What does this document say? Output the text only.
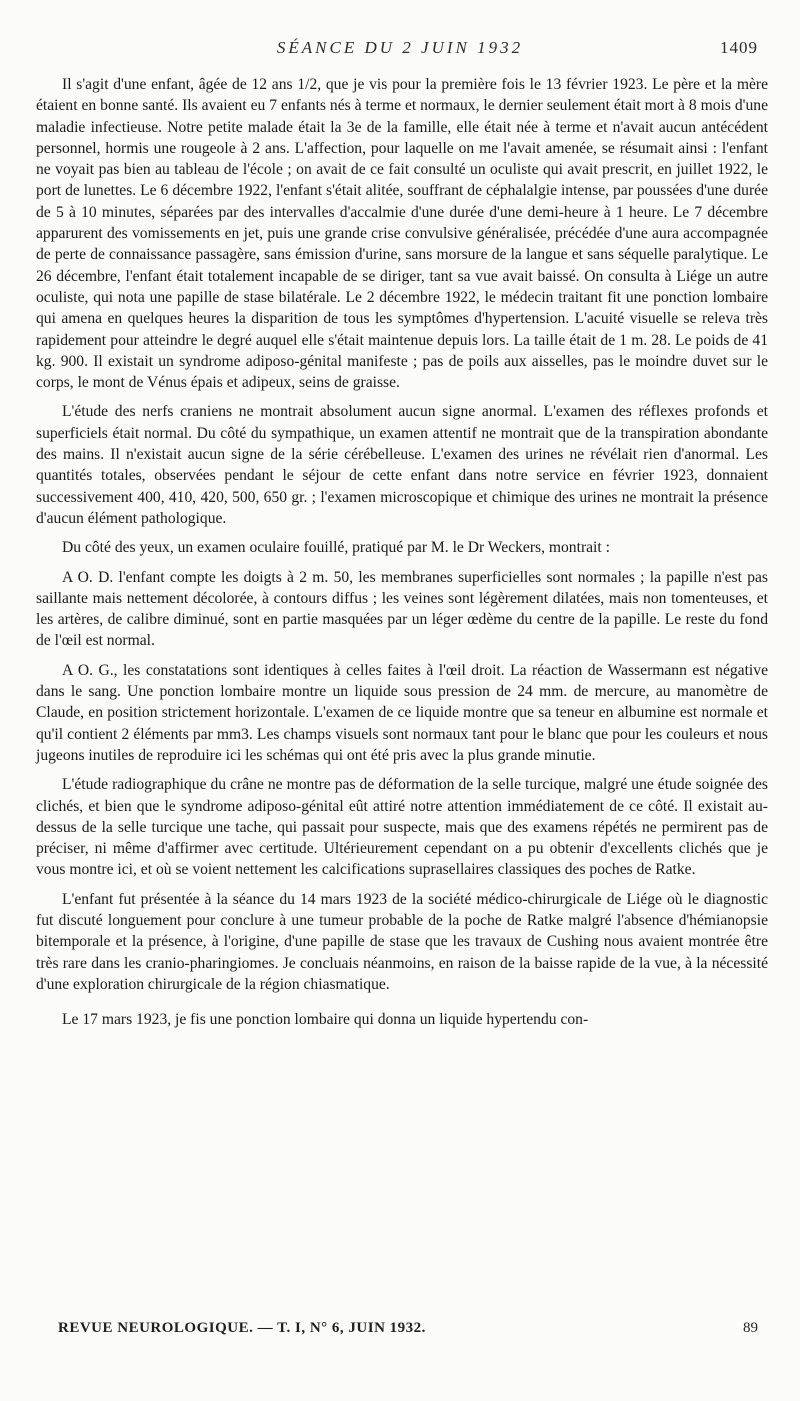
SÉANCE DU 2 JUIN 1932	1409

Il s'agit d'une enfant, âgée de 12 ans 1/2, que je vis pour la première fois le 13 février 1923. Le père et la mère étaient en bonne santé. Ils avaient eu 7 enfants nés à terme et normaux, le dernier seulement était mort à 8 mois d'une maladie infectieuse. Notre petite malade était la 3e de la famille, elle était née à terme et n'avait aucun antécédent personnel, hormis une rougeole à 2 ans. L'affection, pour laquelle on me l'avait amenée, se résumait ainsi : l'enfant ne voyait pas bien au tableau de l'école ; on avait de ce fait consulté un oculiste qui avait prescrit, en juillet 1922, le port de lunettes. Le 6 décembre 1922, l'enfant s'était alitée, souffrant de céphalalgie intense, par poussées d'une durée de 5 à 10 minutes, séparées par des intervalles d'accalmie d'une durée d'une demi-heure à 1 heure. Le 7 décembre apparurent des vomissements en jet, puis une grande crise convulsive généralisée, précédée d'une aura accompagnée de perte de connaissance passagère, sans émission d'urine, sans morsure de la langue et sans séquelle paralytique. Le 26 décembre, l'enfant était totalement incapable de se diriger, tant sa vue avait baissé. On consulta à Liége un autre oculiste, qui nota une papille de stase bilatérale. Le 2 décembre 1922, le médecin traitant fit une ponction lombaire qui amena en quelques heures la disparition de tous les symptômes d'hypertension. L'acuité visuelle se releva très rapidement pour atteindre le degré auquel elle s'était maintenue depuis lors. La taille était de 1 m. 28. Le poids de 41 kg. 900. Il existait un syndrome adiposo-génital manifeste ; pas de poils aux aisselles, pas le moindre duvet sur le corps, le mont de Vénus épais et adipeux, seins de graisse.

L'étude des nerfs craniens ne montrait absolument aucun signe anormal. L'examen des réflexes profonds et superficiels était normal. Du côté du sympathique, un examen attentif ne montrait que de la transpiration abondante des mains. Il n'existait aucun signe de la série cérébelleuse. L'examen des urines ne révélait rien d'anormal. Les quantités totales, observées pendant le séjour de cette enfant dans notre service en février 1923, donnaient successivement 400, 410, 420, 500, 650 gr. ; l'examen microscopique et chimique des urines ne montrait la présence d'aucun élément pathologique.

Du côté des yeux, un examen oculaire fouillé, pratiqué par M. le Dr Weckers, montrait :

A O. D. l'enfant compte les doigts à 2 m. 50, les membranes superficielles sont normales ; la papille n'est pas saillante mais nettement décolorée, à contours diffus ; les veines sont légèrement dilatées, mais non tomenteuses, et les artères, de calibre diminué, sont en partie masquées par un léger œdème du centre de la papille. Le reste du fond de l'œil est normal.

A O. G., les constatations sont identiques à celles faites à l'œil droit. La réaction de Wassermann est négative dans le sang. Une ponction lombaire montre un liquide sous pression de 24 mm. de mercure, au manomètre de Claude, en position strictement horizontale. L'examen de ce liquide montre que sa teneur en albumine est normale et qu'il contient 2 éléments par mm3. Les champs visuels sont normaux tant pour le blanc que pour les couleurs et nous jugeons inutiles de reproduire ici les schémas qui ont été pris avec la plus grande minutie.

L'étude radiographique du crâne ne montre pas de déformation de la selle turcique, malgré une étude soignée des clichés, et bien que le syndrome adiposo-génital eût attiré notre attention immédiatement de ce côté. Il existait au-dessus de la selle turcique une tache, qui passait pour suspecte, mais que des examens répétés ne permirent pas de préciser, ni même d'affirmer avec certitude. Ultérieurement cependant on a pu obtenir d'excellents clichés que je vous montre ici, et où se voient nettement les calcifications suprasellaires classiques des poches de Ratke.

L'enfant fut présentée à la séance du 14 mars 1923 de la société médico-chirurgicale de Liége où le diagnostic fut discuté longuement pour conclure à une tumeur probable de la poche de Ratke malgré l'absence d'hémianopsie bitemporale et la présence, à l'origine, d'une papille de stase que les travaux de Cushing nous avaient montrée être très rare dans les cranio-pharingiomes. Je concluais néanmoins, en raison de la baisse rapide de la vue, à la nécessité d'une exploration chirurgicale de la région chiasmatique.

Le 17 mars 1923, je fis une ponction lombaire qui donna un liquide hypertendu con-

REVUE NEUROLOGIQUE. — T. I, N° 6, JUIN 1932.	89
